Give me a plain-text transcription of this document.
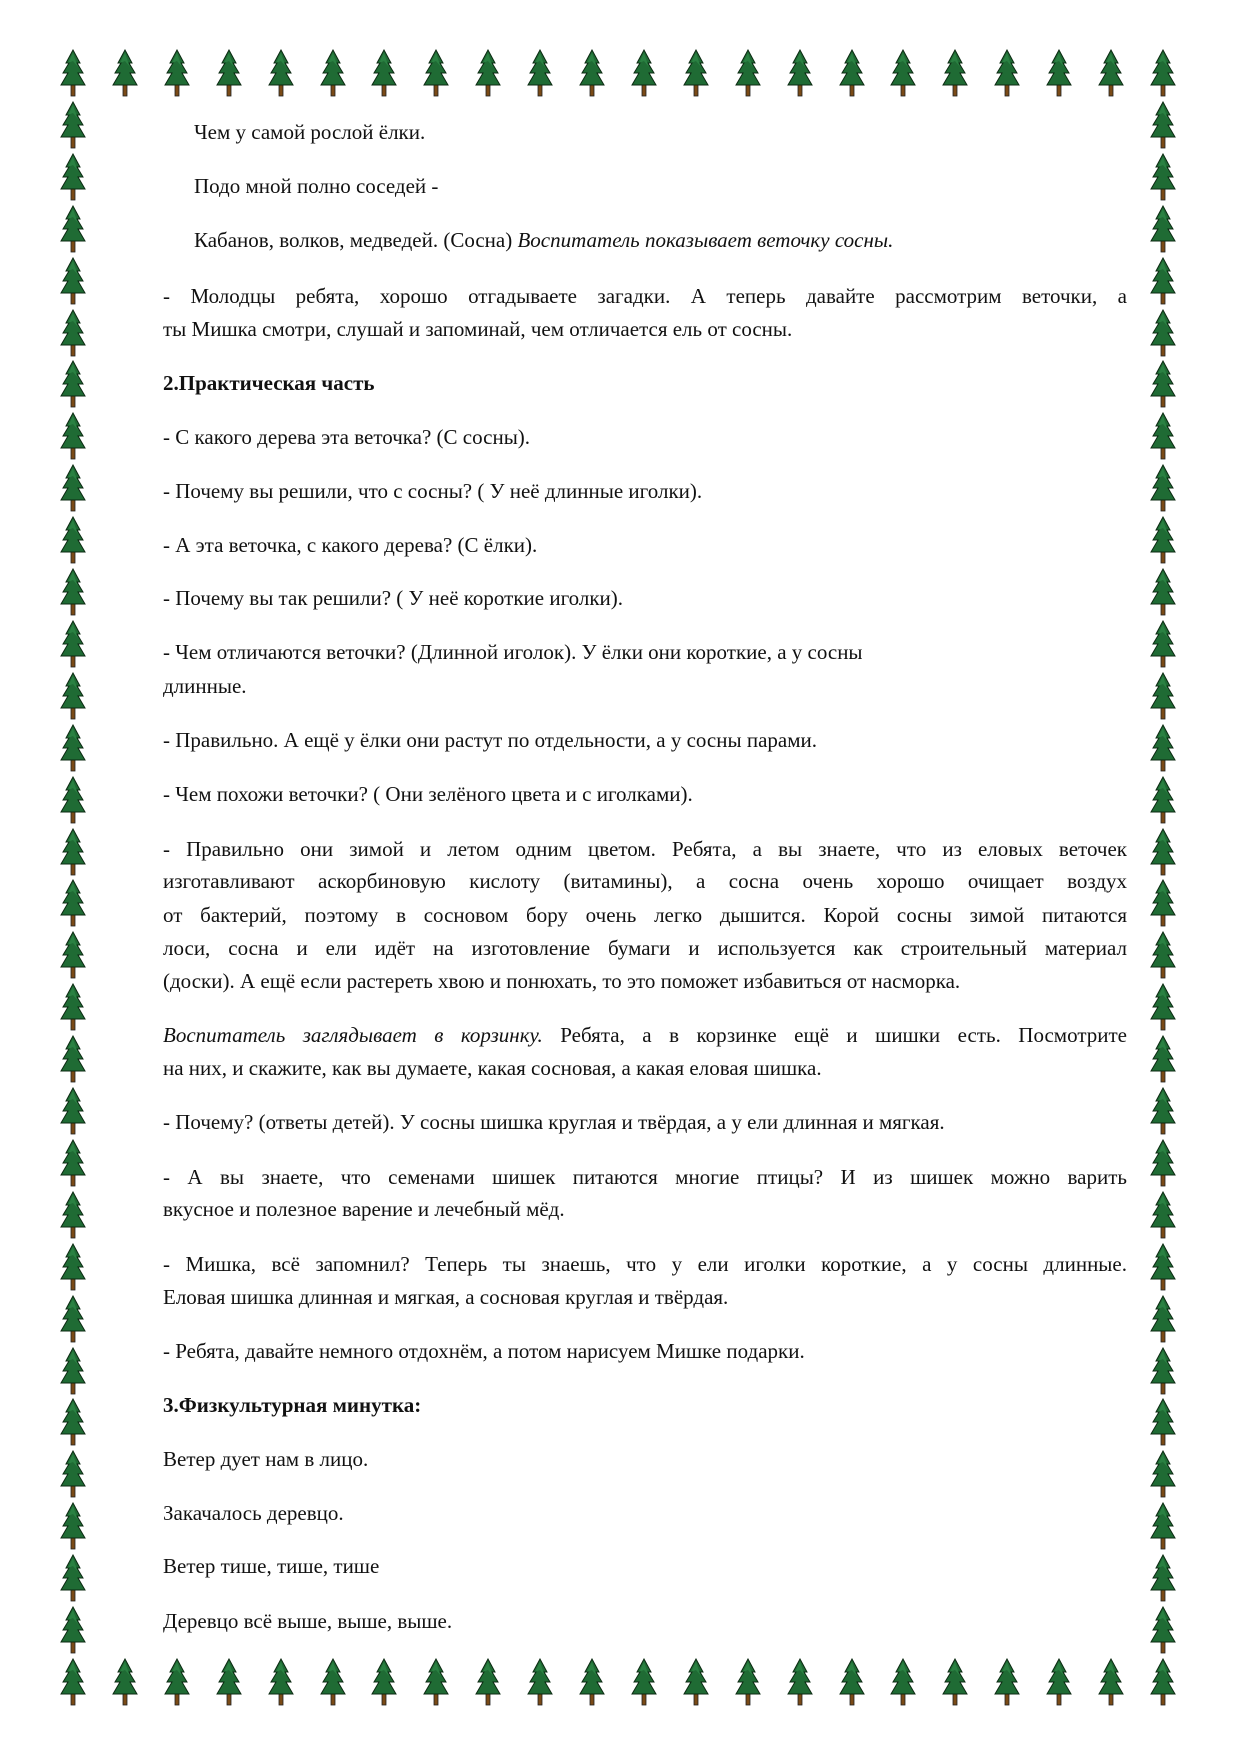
Чем у самой рослой ёлки.
Подо мной полно соседей -
Кабанов, волков, медведей. (Сосна) Воспитатель показывает веточку сосны.
- Молодцы ребята, хорошо отгадываете загадки. А теперь давайте рассмотрим веточки, а
ты Мишка смотри, слушай и запоминай, чем отличается ель от сосны.
2.Практическая часть
- С какого дерева эта веточка? (С сосны).
- Почему вы решили, что с сосны? ( У неё длинные иголки).
- А эта веточка, с какого дерева? (С ёлки).
- Почему вы так решили? ( У неё короткие иголки).
- Чем отличаются веточки? (Длинной иголок). У ёлки они короткие, а у сосны
длинные.
- Правильно. А ещё у ёлки они растут по отдельности, а у сосны парами.
- Чем похожи веточки? ( Они зелёного цвета и с иголками).
- Правильно они зимой и летом одним цветом. Ребята, а вы знаете, что из еловых веточек
изготавливают аскорбиновую кислоту (витамины), а сосна очень хорошо очищает воздух
от бактерий, поэтому в сосновом бору очень легко дышится. Корой сосны зимой питаются
лоси, сосна и ели идёт на изготовление бумаги и используется как строительный материал
(доски). А ещё если растереть хвою и понюхать, то это поможет избавиться от насморка.
Воспитатель заглядывает в корзинку. Ребята, а в корзинке ещё и шишки есть. Посмотрите
на них, и скажите, как вы думаете, какая сосновая, а какая еловая шишка.
- Почему? (ответы детей). У сосны шишка круглая и твёрдая, а у ели длинная и мягкая.
- А вы знаете, что семенами шишек питаются многие птицы? И из шишек можно варить
вкусное и полезное варение и лечебный мёд.
- Мишка, всё запомнил? Теперь ты знаешь, что у ели иголки короткие, а у сосны длинные.
Еловая шишка длинная и мягкая, а сосновая круглая и твёрдая.
- Ребята, давайте немного отдохнём, а потом нарисуем Мишке подарки.
3.Физкультурная минутка:
Ветер дует нам в лицо.
Закачалось деревцо.
Ветер тише, тише, тише
Деревцо всё выше, выше, выше.
